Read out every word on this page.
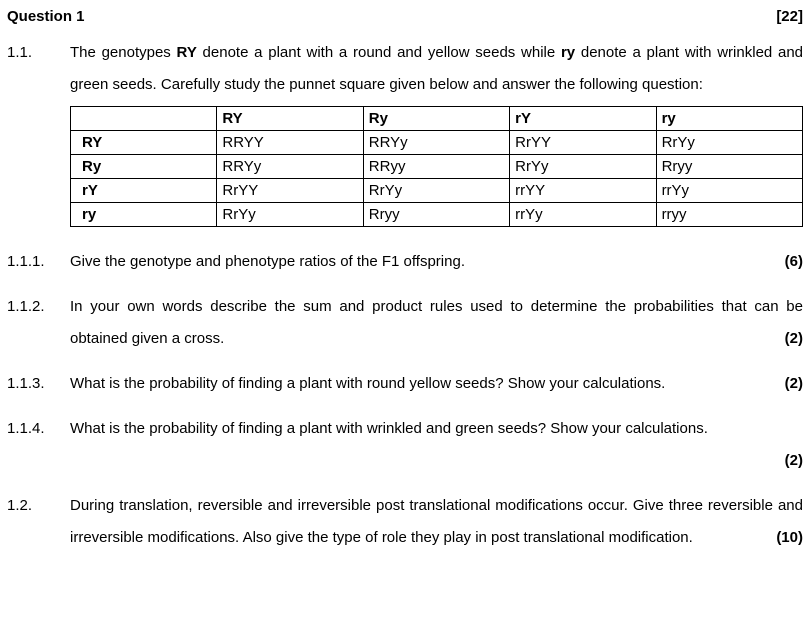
Question 1	[22]
1.1.	The genotypes RY denote a plant with a round and yellow seeds while ry denote a plant with wrinkled and green seeds. Carefully study the punnet square given below and answer the following question:

	RY	Ry	rY	ry
RY	RRYY	RRYy	RrYY	RrYy
Ry	RRYy	RRyy	RrYy	Rryy
rY	RrYY	RrYy	rrYY	rrYy
ry	RrYy	Rryy	rrYy	rryy
1.1.1.	Give the genotype and phenotype ratios of the F1 offspring.	(6)
1.1.2.	In your own words describe the sum and product rules used to determine the probabilities that can be obtained given a cross.	(2)
1.1.3.	What is the probability of finding a plant with round yellow seeds? Show your calculations.	(2)
1.1.4.	What is the probability of finding a plant with wrinkled and green seeds? Show your calculations.

(2)
1.2.	During translation, reversible and irreversible post translational modifications occur. Give three reversible and irreversible modifications. Also give the type of role they play in post translational modification.	(10)
